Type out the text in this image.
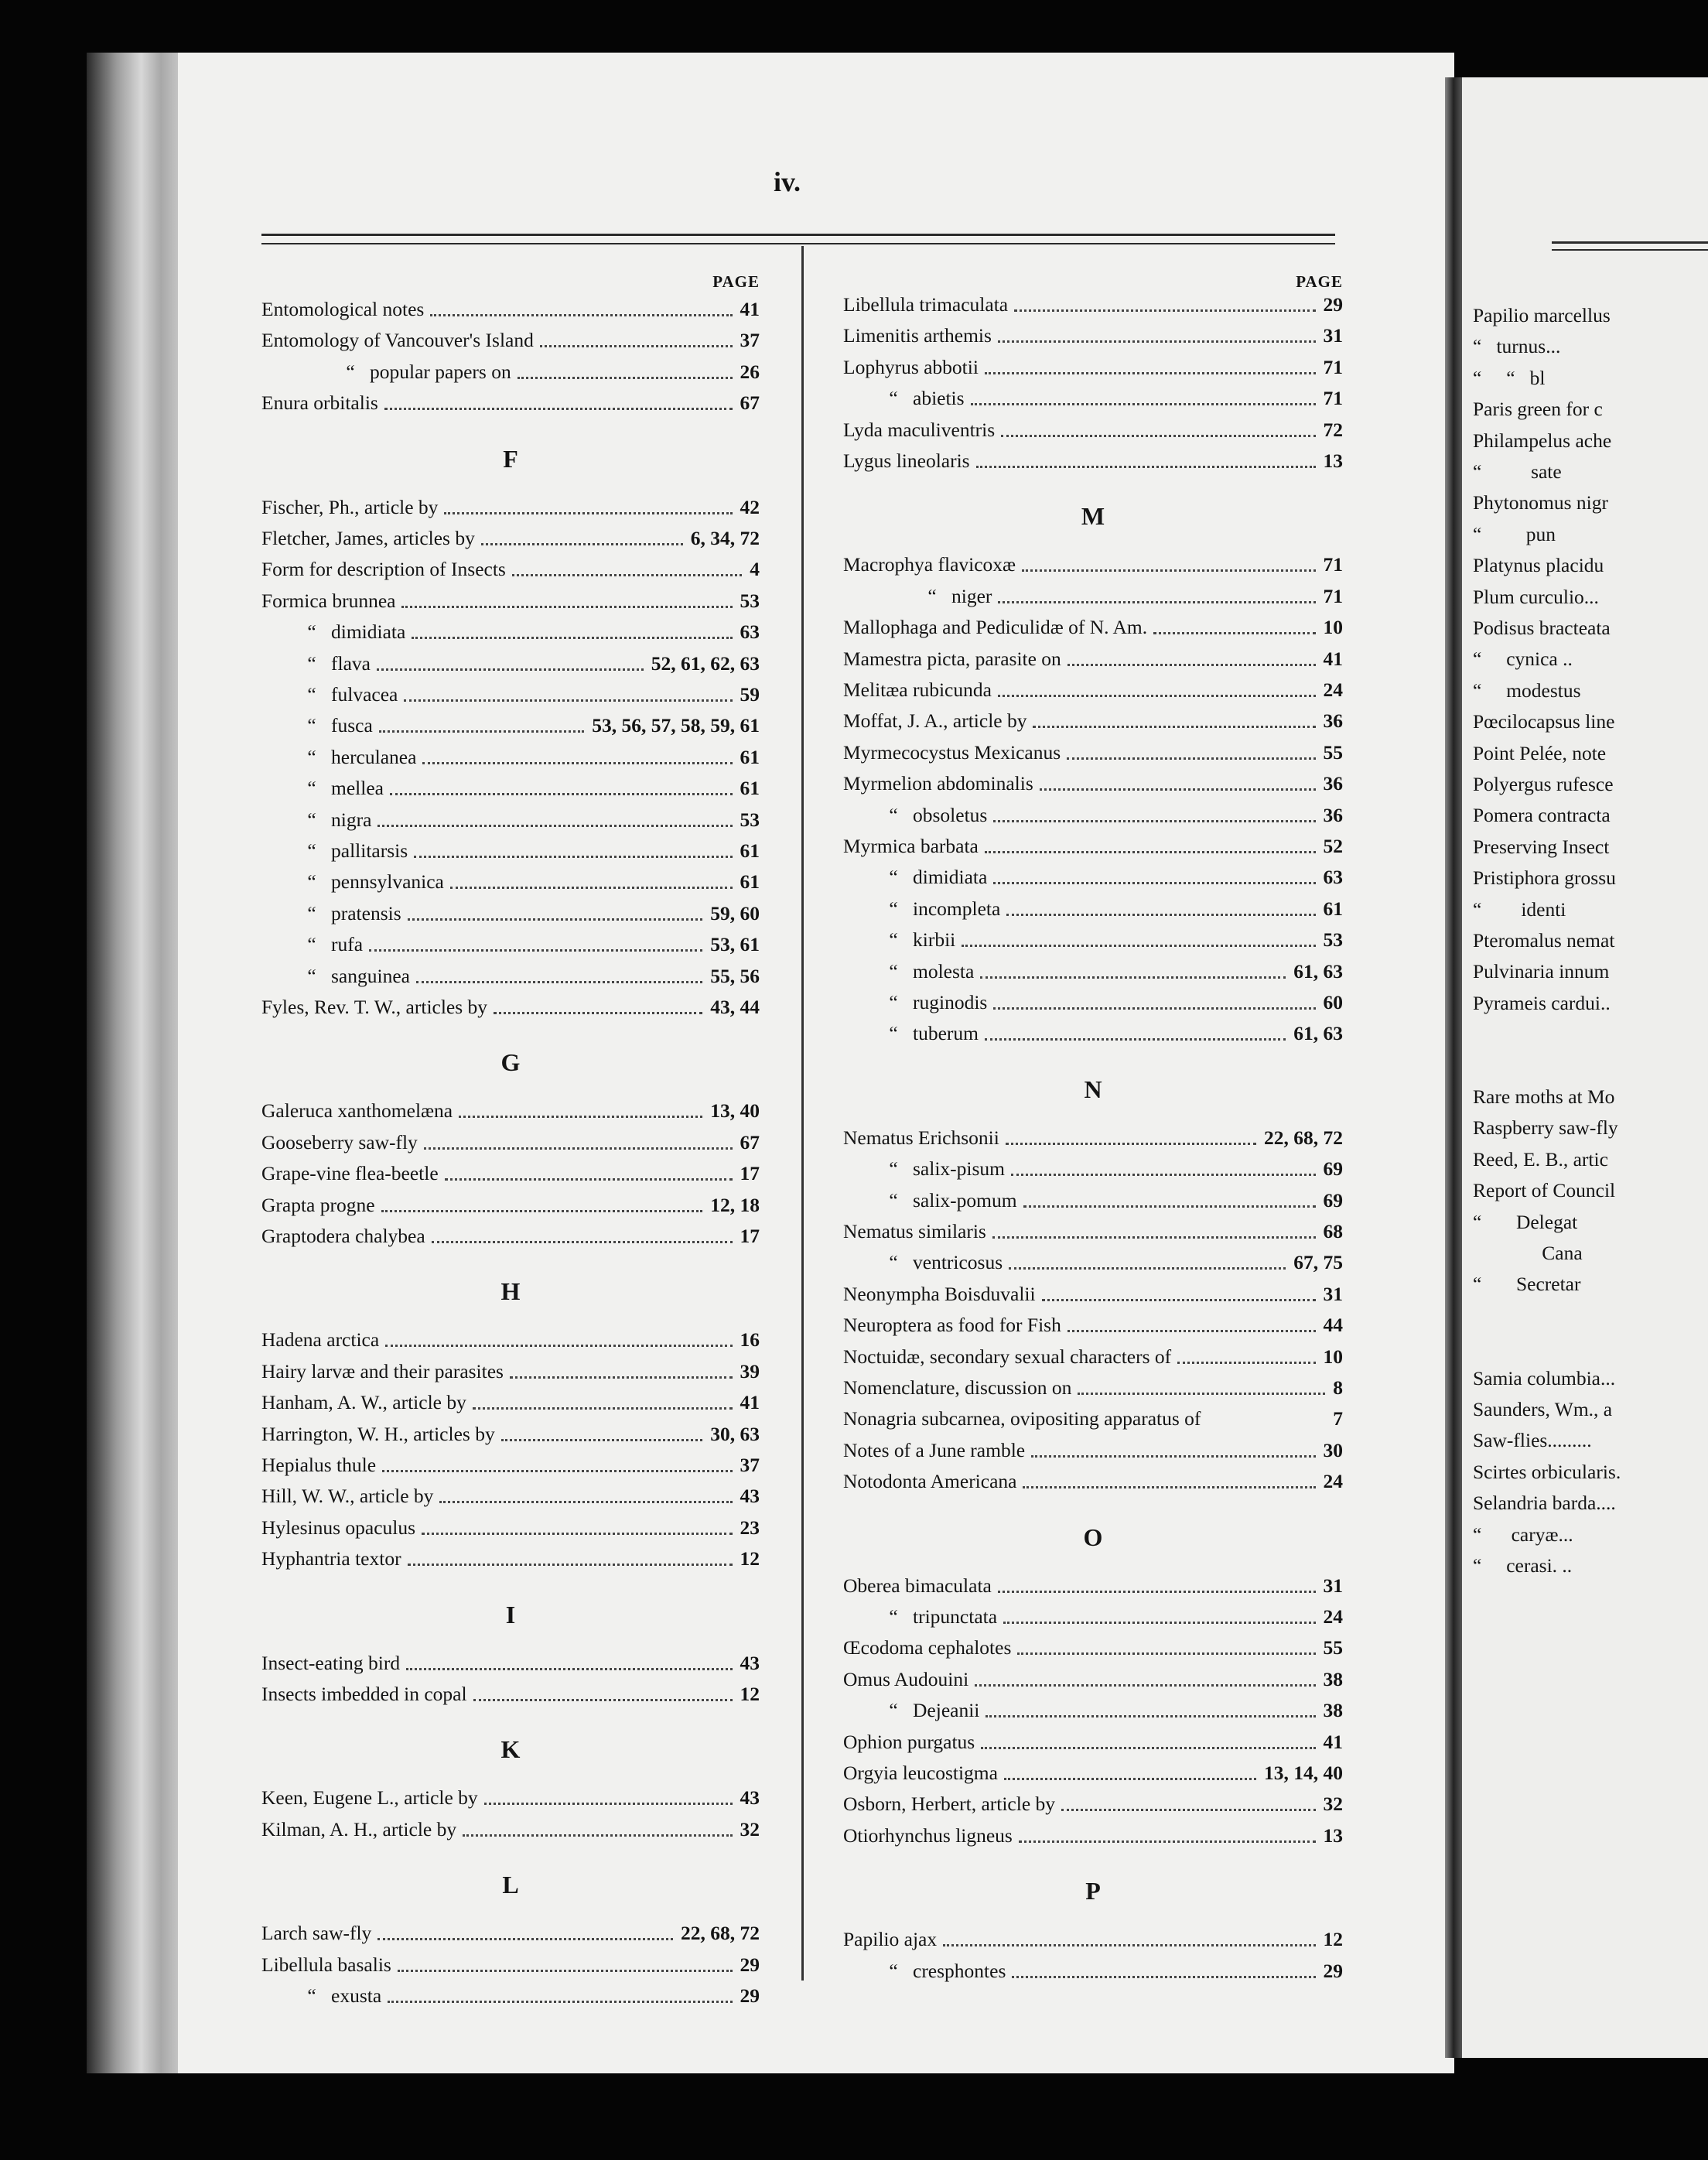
iv.
PAGE
Entomological notes	41
Entomology of Vancouver's Island	37
“ popular papers on	26
Enura orbitalis	67
F
Fischer, Ph., article by	42
Fletcher, James, articles by	6, 34, 72
Form for description of Insects	4
Formica brunnea	53
“ dimidiata	63
“ flava	52, 61, 62, 63
“ fulvacea	59
“ fusca	53, 56, 57, 58, 59, 61
“ herculanea	61
“ mellea	61
“ nigra	53
“ pallitarsis	61
“ pennsylvanica	61
“ pratensis	59, 60
“ rufa	53, 61
“ sanguinea	55, 56
Fyles, Rev. T. W., articles by	43, 44
G
Galeruca xanthomelæna	13, 40
Gooseberry saw-fly	67
Grape-vine flea-beetle	17
Grapta progne	12, 18
Graptodera chalybea	17
H
Hadena arctica	16
Hairy larvæ and their parasites	39
Hanham, A. W., article by	41
Harrington, W. H., articles by	30, 63
Hepialus thule	37
Hill, W. W., article by	43
Hylesinus opaculus	23
Hyphantria textor	12
I
Insect-eating bird	43
Insects imbedded in copal	12
K
Keen, Eugene L., article by	43
Kilman, A. H., article by	32
L
Larch saw-fly	22, 68, 72
Libellula basalis	29
“ exusta	29
PAGE
Libellula trimaculata	29
Limenitis arthemis	31
Lophyrus abbotii	71
“ abietis	71
Lyda maculiventris	72
Lygus lineolaris	13
M
Macrophya flavicoxæ	71
“ niger	71
Mallophaga and Pediculidæ of N. Am.	10
Mamestra picta, parasite on	41
Melitæa rubicunda	24
Moffat, J. A., article by	36
Myrmecocystus Mexicanus	55
Myrmelion abdominalis	36
“ obsoletus	36
Myrmica barbata	52
“ dimidiata	63
“ incompleta	61
“ kirbii	53
“ molesta	61, 63
“ ruginodis	60
“ tuberum	61, 63
N
Nematus Erichsonii	22, 68, 72
“ salix-pisum	69
“ salix-pomum	69
Nematus similaris	68
“ ventricosus	67, 75
Neonympha Boisduvalii	31
Neuroptera as food for Fish	44
Noctuidæ, secondary sexual characters of	10
Nomenclature, discussion on	8
Nonagria subcarnea, ovipositing apparatus of	7
Notes of a June ramble	30
Notodonta Americana	24
O
Oberea bimaculata	31
“ tripunctata	24
Œcodoma cephalotes	55
Omus Audouini	38
“ Dejeanii	38
Ophion purgatus	41
Orgyia leucostigma	13, 14, 40
Osborn, Herbert, article by	32
Otiorhynchus ligneus	13
P
Papilio ajax	12
“ cresphontes	29
Papilio marcellus
“   turnus...
“     “   bl
Paris green for c
Philampelus ache
“          sate
Phytonomus nigr
“         pun
Platynus placidu
Plum curculio...
Podisus bracteata
“     cynica ..
“     modestus
Pœcilocapsus line
Point Pelée, note
Polyergus rufesce
Pomera contracta
Preserving Insect
Pristiphora grossu
“        identi
Pteromalus nemat
Pulvinaria innum
Pyrameis cardui..
Rare moths at Mo
Raspberry saw-fly
Reed, E. B., artic
Report of Council
“       Delegat
Cana
“       Secretar
Samia columbia...
Saunders, Wm., a
Saw-flies.........
Scirtes orbicularis.
Selandria barda....
“      caryæ...
“     cerasi. ..
